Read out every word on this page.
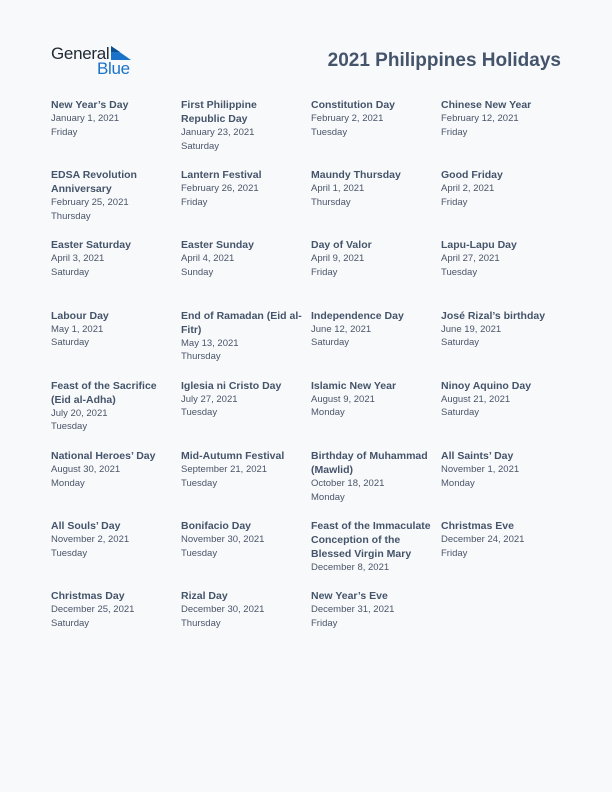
General
Blue	2021 Philippines Holidays
New Year’s Day
January 1, 2021
Friday
First Philippine Republic Day
January 23, 2021
Saturday
Constitution Day
February 2, 2021
Tuesday
Chinese New Year
February 12, 2021
Friday
EDSA Revolution Anniversary
February 25, 2021
Thursday
Lantern Festival
February 26, 2021
Friday
Maundy Thursday
April 1, 2021
Thursday
Good Friday
April 2, 2021
Friday
Easter Saturday
April 3, 2021
Saturday
Easter Sunday
April 4, 2021
Sunday
Day of Valor
April 9, 2021
Friday
Lapu-Lapu Day
April 27, 2021
Tuesday
Labour Day
May 1, 2021
Saturday
End of Ramadan (Eid al-Fitr)
May 13, 2021
Thursday
Independence Day
June 12, 2021
Saturday
José Rizal’s birthday
June 19, 2021
Saturday
Feast of the Sacrifice (Eid al-Adha)
July 20, 2021
Tuesday
Iglesia ni Cristo Day
July 27, 2021
Tuesday
Islamic New Year
August 9, 2021
Monday
Ninoy Aquino Day
August 21, 2021
Saturday
National Heroes’ Day
August 30, 2021
Monday
Mid-Autumn Festival
September 21, 2021
Tuesday
Birthday of Muhammad (Mawlid)
October 18, 2021
Monday
All Saints’ Day
November 1, 2021
Monday
All Souls’ Day
November 2, 2021
Tuesday
Bonifacio Day
November 30, 2021
Tuesday
Feast of the Immaculate Conception of the Blessed Virgin Mary
December 8, 2021
Christmas Eve
December 24, 2021
Friday
Christmas Day
December 25, 2021
Saturday
Rizal Day
December 30, 2021
Thursday
New Year’s Eve
December 31, 2021
Friday
